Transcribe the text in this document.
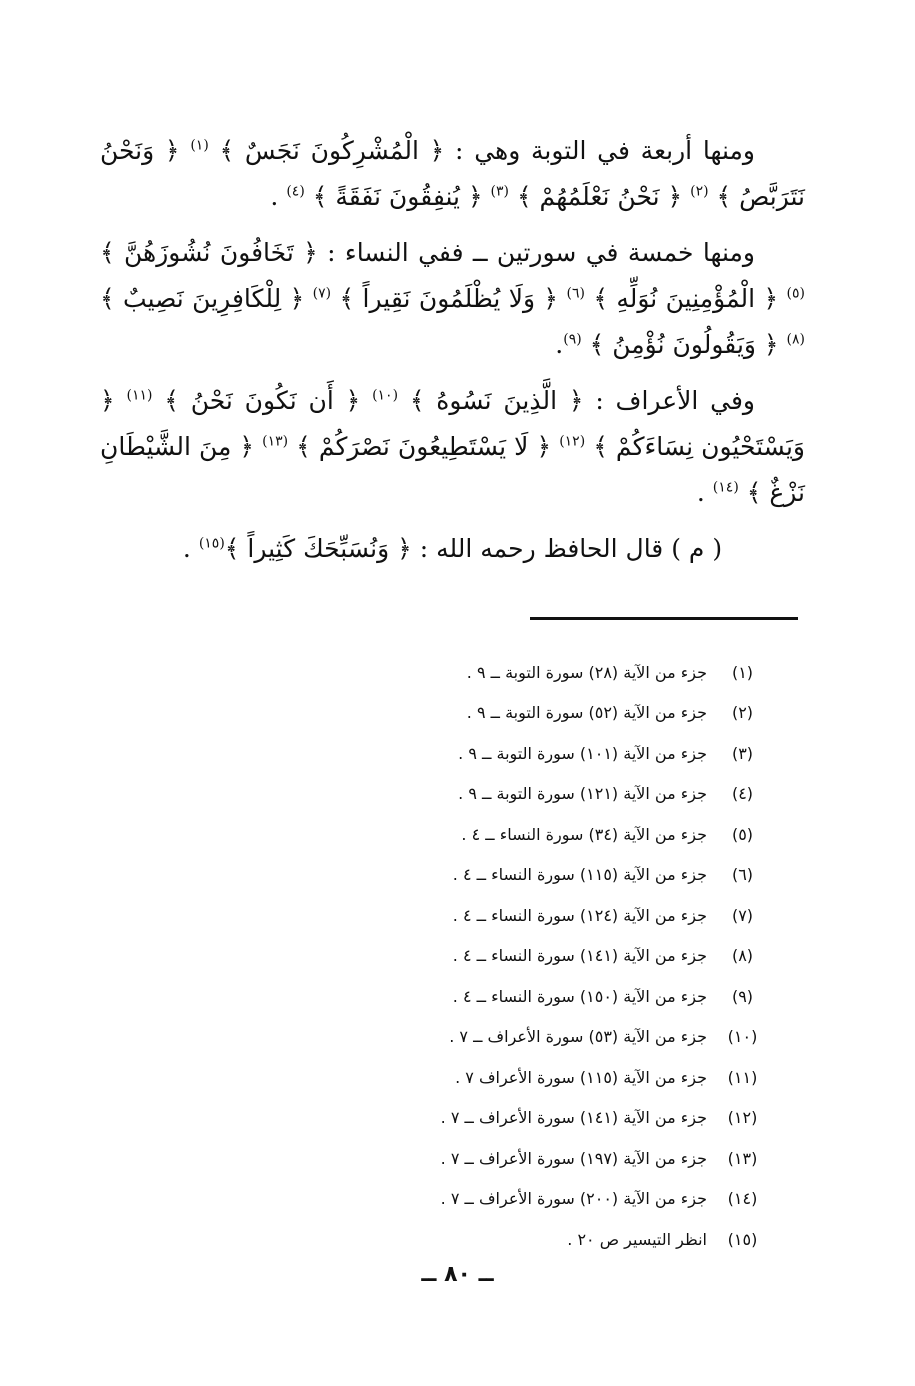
ومنها أربعة في التوبة وهي : ﴿ الْمُشْرِكُونَ نَجَسٌ ﴾ $^{(١)}$ ﴿ وَنَحْنُ نَتَرَبَّصُ ﴾ $^{(٢)}$ ﴿ نَحْنُ نَعْلَمُهُمْ ﴾ $^{(٣)}$ ﴿ يُنفِقُونَ نَفَقَةً ﴾ $^{(٤)}$ .

ومنها خمسة في سورتين ــ ففي النساء : ﴿ تَخَافُونَ نُشُوزَهُنَّ ﴾ $^{(٥)}$ ﴿ الْمُؤْمِنِينَ نُوَلِّهِ ﴾ $^{(٦)}$ ﴿ وَلَا يُظْلَمُونَ نَقِيراً ﴾ $^{(٧)}$ ﴿ لِلْكَافِرِينَ نَصِيبٌ ﴾ $^{(٨)}$ ﴿ وَيَقُولُونَ نُؤْمِنُ ﴾ $^{(٩)}$.

وفي الأعراف : ﴿ الَّذِينَ نَسُوهُ ﴾ $^{(١٠)}$ ﴿ أَن نَكُونَ نَحْنُ ﴾ $^{(١١)}$ ﴿ وَيَسْتَحْيُون نِسَاءَكُمْ ﴾ $^{(١٢)}$ ﴿ لَا يَسْتَطِيعُونَ نَصْرَكُمْ ﴾ $^{(١٣)}$ ﴿ مِنَ الشَّيْطَانِ نَزْغٌ ﴾ $^{(١٤)}$ .

( م ) قال الحافظ رحمه الله : ﴿ وَنُسَبِّحَكَ كَثِيراً ﴾$^{(١٥)}$ .

(١)
جزء من الآية (٢٨) سورة التوبة ــ ٩ .
(٢)
جزء من الآية (٥٢) سورة التوبة ــ ٩ .
(٣)
جزء من الآية (١٠١) سورة التوبة ــ ٩ .
(٤)
جزء من الآية (١٢١) سورة التوبة ــ ٩ .
(٥)
جزء من الآية (٣٤) سورة النساء ــ ٤ .
(٦)
جزء من الآية (١١٥) سورة النساء ــ ٤ .
(٧)
جزء من الآية (١٢٤) سورة النساء ــ ٤ .
(٨)
جزء من الآية (١٤١) سورة النساء ــ ٤ .
(٩)
جزء من الآية (١٥٠) سورة النساء ــ ٤ .
(١٠)
جزء من الآية (٥٣) سورة الأعراف ــ ٧ .
(١١)
جزء من الآية (١١٥) سورة الأعراف ٧ .
(١٢)
جزء من الآية (١٤١) سورة الأعراف ــ ٧ .
(١٣)
جزء من الآية (١٩٧) سورة الأعراف ــ ٧ .
(١٤)
جزء من الآية (٢٠٠) سورة الأعراف ــ ٧ .
(١٥)
انظر التيسير ص ٢٠ .
ــ ٨٠ ــ
